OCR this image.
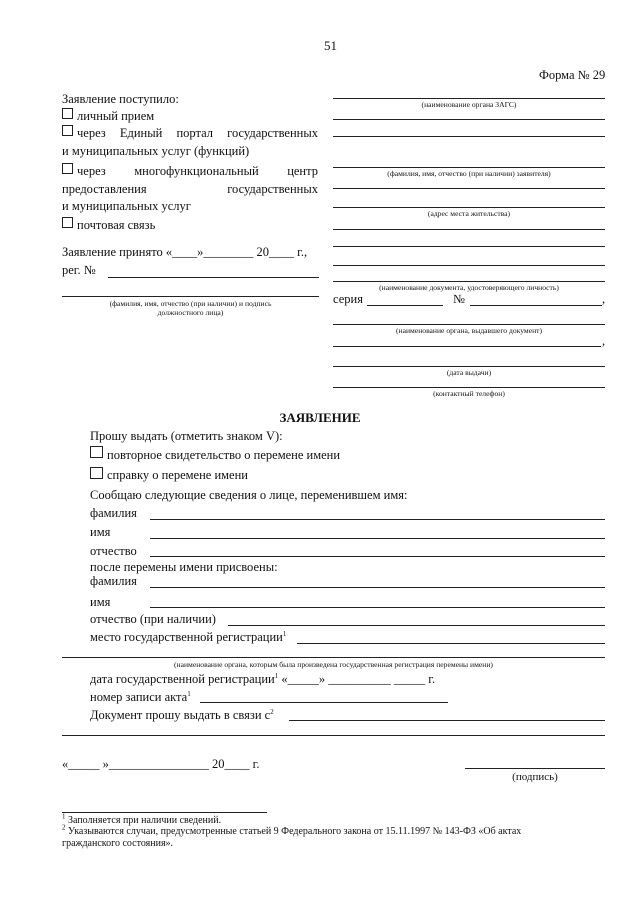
51
Форма № 29
Заявление поступило:
личный прием
через Единый портал государственных
и муниципальных услуг (функций)
через многофункциональный центр
предоставления	государственных
и муниципальных услуг
почтовая связь
Заявление принято «____»________ 20____ г.,
рег. №
(фамилия, имя, отчество (при наличии) и подпись
должностного лица)
(наименование органа ЗАГС)
(фамилия, имя, отчество (при наличии) заявителя)
(адрес места жительства)
(наименование документа, удостоверяющего личность)
серия	№	,
(наименование органа, выдавшего документ)
,
(дата выдачи)
(контактный телефон)
ЗАЯВЛЕНИЕ
Прошу выдать (отметить знаком V):
повторное свидетельство о перемене имени
справку о перемене имени
Сообщаю следующие сведения о лице, переменившем имя:
фамилия
имя
отчество
после перемены имени присвоены:
фамилия
имя
отчество (при наличии)
место государственной регистрации$^1$
(наименование органа, которым была произведена государственная регистрация перемены имени)
дата государственной регистрации$^1$ «_____» __________ _____ г.
номер записи акта$^1$
Документ прошу выдать в связи $с^2$
«_____ »________________ 20____ г.
(подпись)
$^1$ Заполняется при наличии сведений.
$^2$ Указываются случаи, предусмотренные статьей 9 Федерального закона от 15.11.1997 № 143-ФЗ «Об актах
гражданского состояния».
